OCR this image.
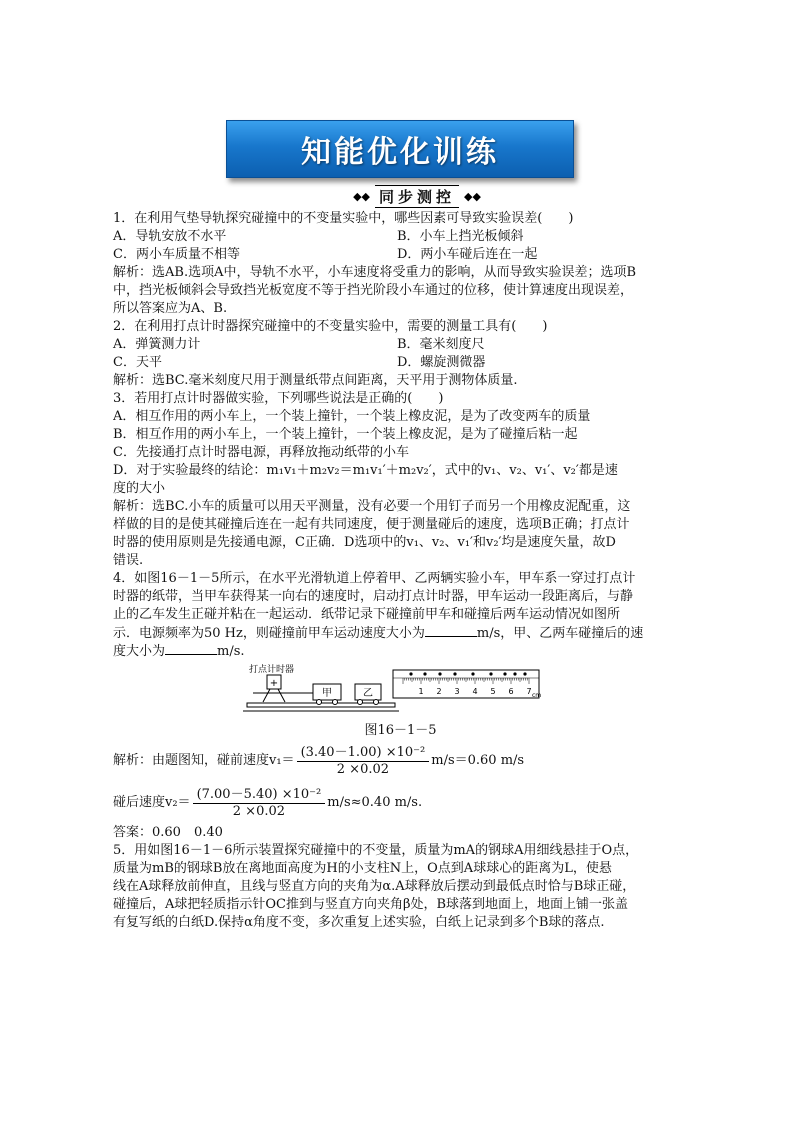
知能优化训练
◆◆ 同步测控 ◆◆
1．在利用气垫导轨探究碰撞中的不变量实验中，哪些因素可导致实验误差(　　)
A．导轨安放不水平	B．小车上挡光板倾斜
C．两小车质量不相等	D．两小车碰后连在一起
解析：选AB.选项A中，导轨不水平，小车速度将受重力的影响，从而导致实验误差；选项B
中，挡光板倾斜会导致挡光板宽度不等于挡光阶段小车通过的位移，使计算速度出现误差，
所以答案应为A、B.
2．在利用打点计时器探究碰撞中的不变量实验中，需要的测量工具有(　　)
A．弹簧测力计	B．毫米刻度尺
C．天平	D．螺旋测微器
解析：选BC.毫米刻度尺用于测量纸带点间距离，天平用于测物体质量.
3．若用打点计时器做实验，下列哪些说法是正确的(　　)
A．相互作用的两小车上，一个装上撞针，一个装上橡皮泥，是为了改变两车的质量
B．相互作用的两小车上，一个装上撞针，一个装上橡皮泥，是为了碰撞后粘一起
C．先接通打点计时器电源，再释放拖动纸带的小车
D．对于实验最终的结论：m₁v₁＋m₂v₂＝m₁v₁′＋m₂v₂′，式中的v₁、v₂、v₁′、v₂′都是速
度的大小
解析：选BC.小车的质量可以用天平测量，没有必要一个用钉子而另一个用橡皮泥配重，这
样做的目的是使其碰撞后连在一起有共同速度，便于测量碰后的速度，选项B正确；打点计
时器的使用原则是先接通电源，C正确．D选项中的v₁、v₂、v₁′和v₂′均是速度矢量，故D
错误.
4．如图16－1－5所示，在水平光滑轨道上停着甲、乙两辆实验小车，甲车系一穿过打点计
时器的纸带，当甲车获得某一向右的速度时，启动打点计时器，甲车运动一段距离后，与静
止的乙车发生正碰并粘在一起运动．纸带记录下碰撞前甲车和碰撞后两车运动情况如图所
示．电源频率为50 Hz，则碰撞前甲车运动速度大小为	m/s，甲、乙两车碰撞后的速
度大小为	m/s.
打点计时器
+
甲	乙	1 2 3 4 5 6 7 cm
图16－1－5
解析：由题图知，碰前速度$v_1= \frac{\text{(3.40－1.00) ×10⁻²}}{2 \times 0.02} m/s=0.60$ m/s
碰后速度$v_2= \frac{\text{(7.00－5.40) ×10⁻²}}{2 \times 0.02} m/s\approx 0.40$ m/s.
答案：0.60　0.40
5．用如图16－1－6所示装置探究碰撞中的不变量，质量为mA的钢球A用细线悬挂于O点，
质量为mB的钢球B放在离地面高度为H的小支柱N上，O点到A球球心的距离为L，使悬
线在A球释放前伸直，且线与竖直方向的夹角为α.A球释放后摆动到最低点时恰与B球正碰，
碰撞后，A球把轻质指示针OC推到与竖直方向夹角β处，B球落到地面上，地面上铺一张盖
有复写纸的白纸D.保持α角度不变，多次重复上述实验，白纸上记录到多个B球的落点.
